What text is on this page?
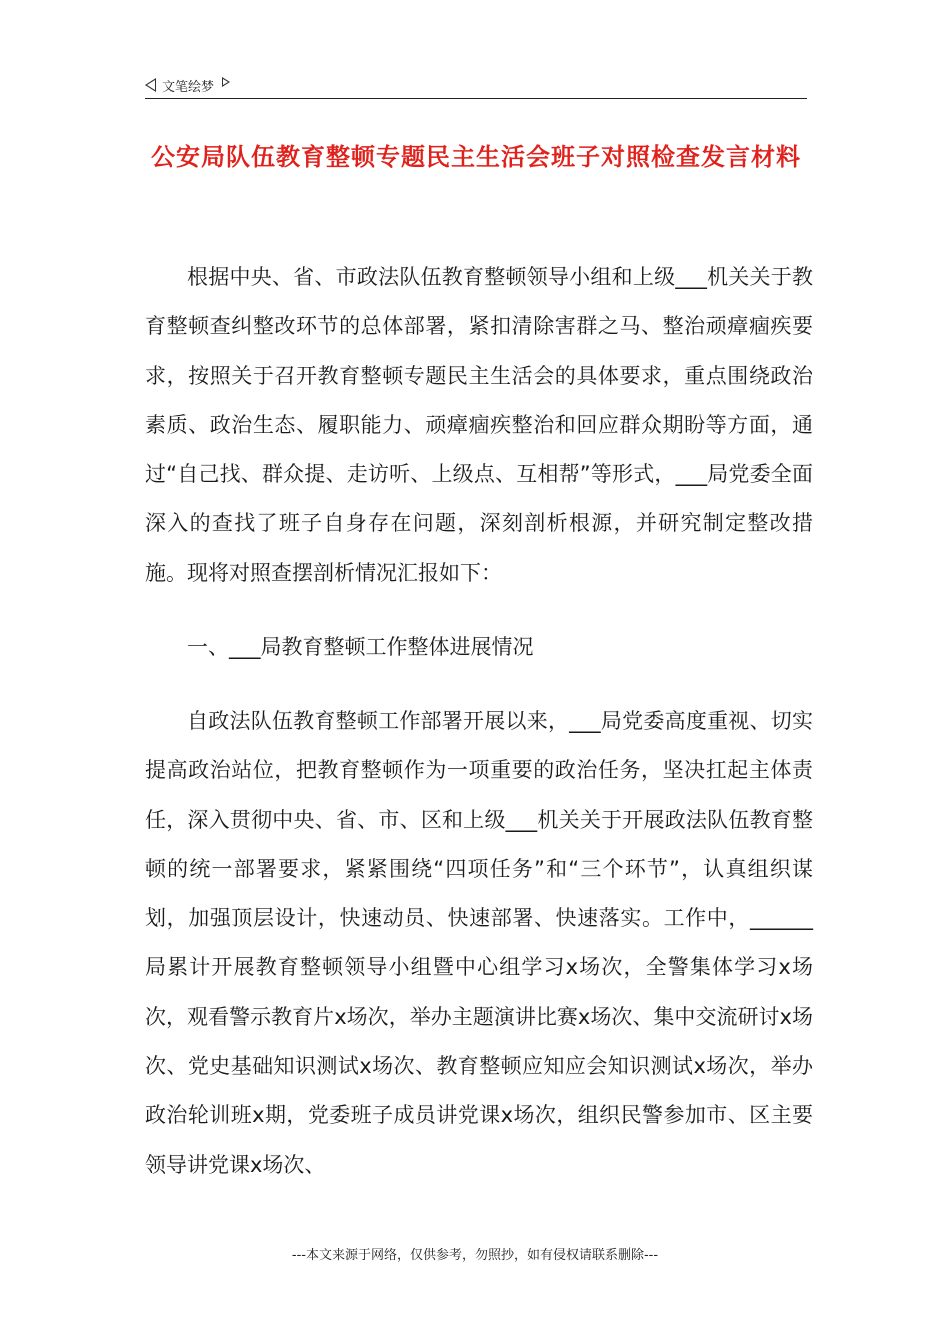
文笔绘梦
公安局队伍教育整顿专题民主生活会班子对照检查发言材料

根据中央、省、市政法队伍教育整顿领导小组和上级___机关关于教育整顿查纠整改环节的总体部署，紧扣清除害群之马、整治顽瘴痼疾要求，按照关于召开教育整顿专题民主生活会的具体要求，重点围绕政治素质、政治生态、履职能力、顽瘴痼疾整治和回应群众期盼等方面，通过“自己找、群众提、走访听、上级点、互相帮”等形式，___局党委全面深入的查找了班子自身存在问题，深刻剖析根源，并研究制定整改措施。现将对照查摆剖析情况汇报如下：

一、___局教育整顿工作整体进展情况

自政法队伍教育整顿工作部署开展以来，___局党委高度重视、切实提高政治站位，把教育整顿作为一项重要的政治任务，坚决扛起主体责任，深入贯彻中央、省、市、区和上级___机关关于开展政法队伍教育整顿的统一部署要求，紧紧围绕“四项任务”和“三个环节”，认真组织谋划，加强顶层设计，快速动员、快速部署、快速落实。工作中，______局累计开展教育整顿领导小组暨中心组学习x场次，全警集体学习x场次，观看警示教育片x场次，举办主题演讲比赛x场次、集中交流研讨x场次、党史基础知识测试x场次、教育整顿应知应会知识测试x场次，举办政治轮训班x期，党委班子成员讲党课x场次，组织民警参加市、区主要领导讲党课x场次、

---本文来源于网络，仅供参考，勿照抄，如有侵权请联系删除---
